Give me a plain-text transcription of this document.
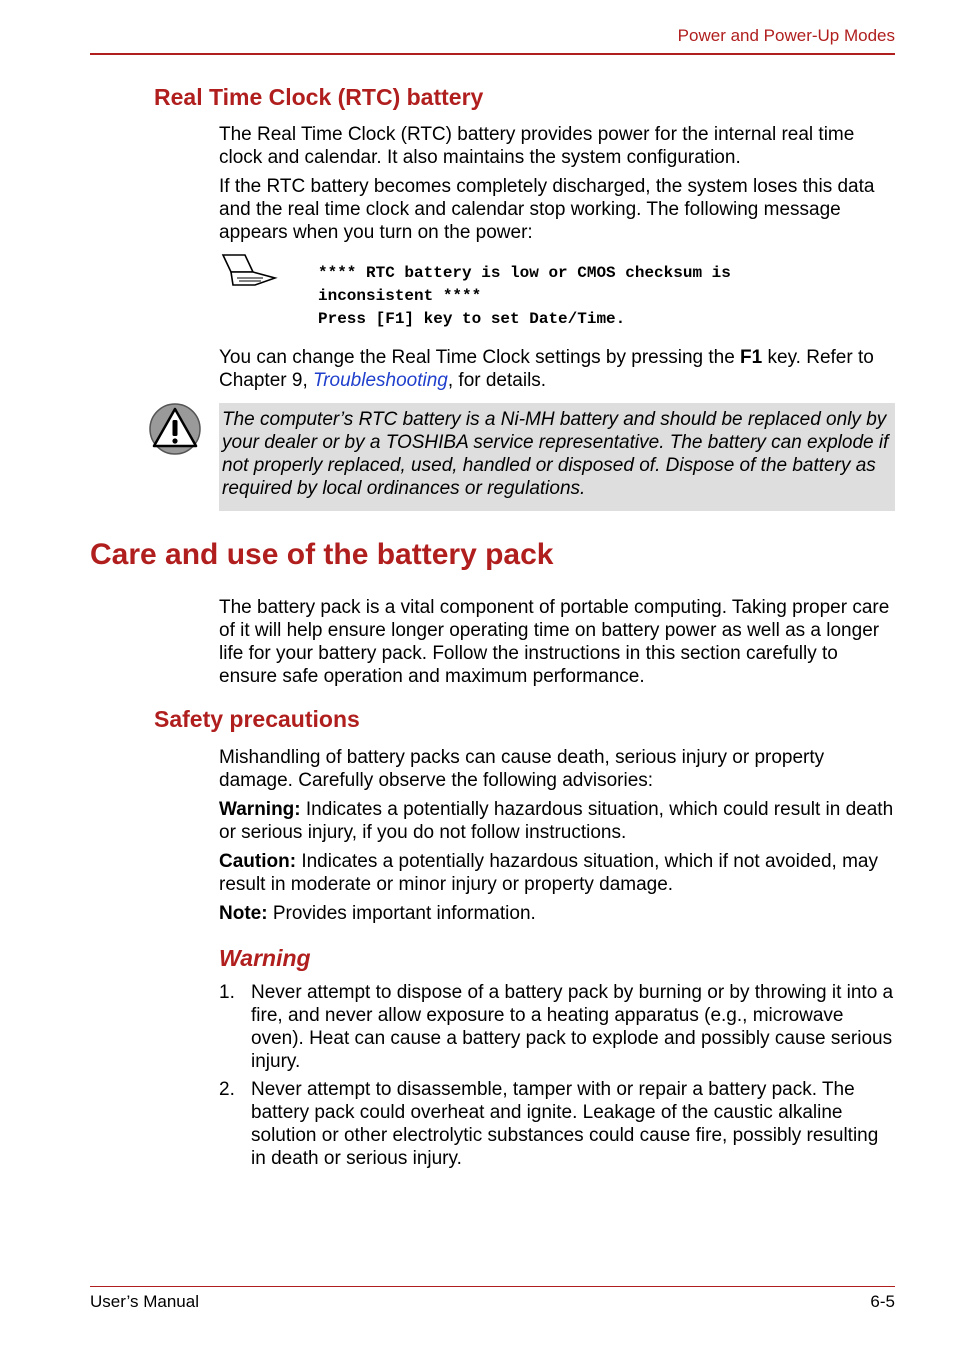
Power and Power-Up Modes
Real Time Clock (RTC) battery
The Real Time Clock (RTC) battery provides power for the internal real time clock and calendar. It also maintains the system configuration.
If the RTC battery becomes completely discharged, the system loses this data and the real time clock and calendar stop working. The following message appears when you turn on the power:
**** RTC battery is low or CMOS checksum is
inconsistent ****
Press [F1] key to set Date/Time.
You can change the Real Time Clock settings by pressing the F1 key. Refer to Chapter 9, Troubleshooting, for details.
The computer’s RTC battery is a Ni-MH battery and should be replaced only by your dealer or by a TOSHIBA service representative. The battery can explode if not properly replaced, used, handled or disposed of. Dispose of the battery as required by local ordinances or regulations.
Care and use of the battery pack
The battery pack is a vital component of portable computing. Taking proper care of it will help ensure longer operating time on battery power as well as a longer life for your battery pack. Follow the instructions in this section carefully to ensure safe operation and maximum performance.
Safety precautions
Mishandling of battery packs can cause death, serious injury or property damage. Carefully observe the following advisories:
Warning: Indicates a potentially hazardous situation, which could result in death or serious injury, if you do not follow instructions.
Caution: Indicates a potentially hazardous situation, which if not avoided, may result in moderate or minor injury or property damage.
Note: Provides important information.
Warning
1. Never attempt to dispose of a battery pack by burning or by throwing it into a fire, and never allow exposure to a heating apparatus (e.g., microwave oven). Heat can cause a battery pack to explode and possibly cause serious injury.
2. Never attempt to disassemble, tamper with or repair a battery pack. The battery pack could overheat and ignite. Leakage of the caustic alkaline solution or other electrolytic substances could cause fire, possibly resulting in death or serious injury.
User’s Manual	6-5
